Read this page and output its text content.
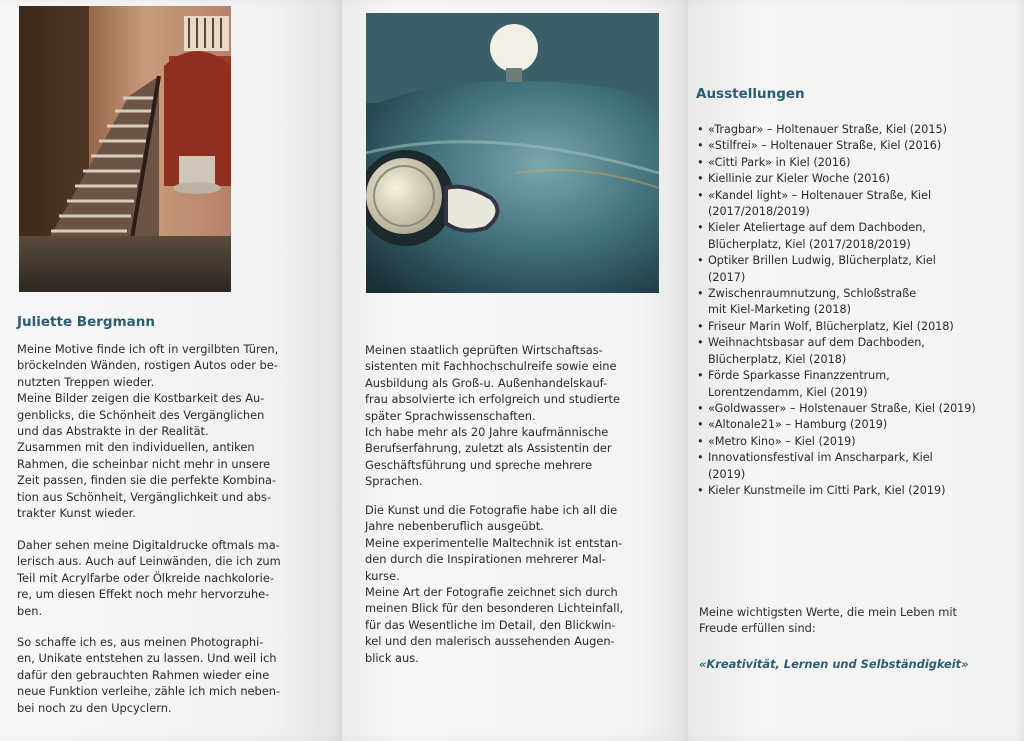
Juliette Bergmann
Meine Motive finde ich oft in vergilbten Türen,
bröckelnden Wänden, rostigen Autos oder be-
nutzten Treppen wieder.
Meine Bilder zeigen die Kostbarkeit des Au-
genblicks, die Schönheit des Vergänglichen
und das Abstrakte in der Realität.
Zusammen mit den individuellen, antiken
Rahmen, die scheinbar nicht mehr in unsere
Zeit passen, finden sie die perfekte Kombina-
tion aus Schönheit, Vergänglichkeit und abs-
trakter Kunst wieder.
Daher sehen meine Digitaldrucke oftmals ma-
lerisch aus. Auch auf Leinwänden, die ich zum
Teil mit Acrylfarbe oder Ölkreide nachkolorie-
re, um diesen Effekt noch mehr hervorzuhe-
ben.
So schaffe ich es, aus meinen Photographi-
en, Unikate entstehen zu lassen. Und weil ich
dafür den gebrauchten Rahmen wieder eine
neue Funktion verleihe, zähle ich mich neben-
bei noch zu den Upcyclern.
Meinen staatlich geprüften Wirtschaftsas-
sistenten mit Fachhochschulreife sowie eine
Ausbildung als Groß-u. Außenhandelskauf-
frau absolvierte ich erfolgreich und studierte
später Sprachwissenschaften.
Ich habe mehr als 20 Jahre kaufmännische
Berufserfahrung, zuletzt als Assistentin der
Geschäftsführung und spreche mehrere
Sprachen.
Die Kunst und die Fotografie habe ich all die
Jahre nebenberuflich ausgeübt.
Meine experimentelle Maltechnik ist entstan-
den durch die Inspirationen mehrerer Mal-
kurse.
Meine Art der Fotografie zeichnet sich durch
meinen Blick für den besonderen Lichteinfall,
für das Wesentliche im Detail, den Blickwin-
kel und den malerisch aussehenden Augen-
blick aus.
Ausstellungen
• «Tragbar» – Holtenauer Straße, Kiel (2015)
• «Stilfrei» – Holtenauer Straße, Kiel (2016)
• «Citti Park» in Kiel (2016)
• Kiellinie zur Kieler Woche (2016)
• «Kandel light» – Holtenauer Straße, Kiel
(2017/2018/2019)
• Kieler Ateliertage auf dem Dachboden,
Blücherplatz, Kiel (2017/2018/2019)
• Optiker Brillen Ludwig, Blücherplatz, Kiel
(2017)
• Zwischenraumnutzung, Schloßstraße
mit Kiel-Marketing (2018)
• Friseur Marin Wolf, Blücherplatz, Kiel (2018)
• Weihnachtsbasar auf dem Dachboden,
Blücherplatz, Kiel (2018)
• Förde Sparkasse Finanzzentrum,
Lorentzendamm, Kiel (2019)
• «Goldwasser» – Holstenauer Straße, Kiel (2019)
• «Altonale21» – Hamburg (2019)
• «Metro Kino» – Kiel (2019)
• Innovationsfestival im Anscharpark, Kiel
(2019)
• Kieler Kunstmeile im Citti Park, Kiel (2019)
Meine wichtigsten Werte, die mein Leben mit
Freude erfüllen sind:
«Kreativität, Lernen und Selbständigkeit»
